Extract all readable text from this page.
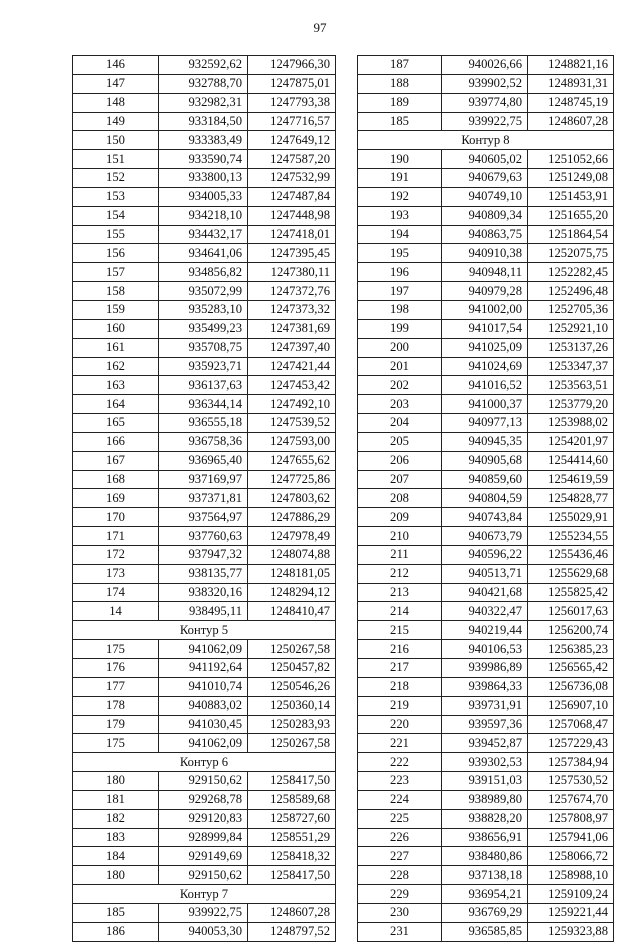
97
146	932592,62	1247966,30
147	932788,70	1247875,01
148	932982,31	1247793,38
149	933184,50	1247716,57
150	933383,49	1247649,12
151	933590,74	1247587,20
152	933800,13	1247532,99
153	934005,33	1247487,84
154	934218,10	1247448,98
155	934432,17	1247418,01
156	934641,06	1247395,45
157	934856,82	1247380,11
158	935072,99	1247372,76
159	935283,10	1247373,32
160	935499,23	1247381,69
161	935708,75	1247397,40
162	935923,71	1247421,44
163	936137,63	1247453,42
164	936344,14	1247492,10
165	936555,18	1247539,52
166	936758,36	1247593,00
167	936965,40	1247655,62
168	937169,97	1247725,86
169	937371,81	1247803,62
170	937564,97	1247886,29
171	937760,63	1247978,49
172	937947,32	1248074,88
173	938135,77	1248181,05
174	938320,16	1248294,12
14	938495,11	1248410,47
Контур 5		
175	941062,09	1250267,58
176	941192,64	1250457,82
177	941010,74	1250546,26
178	940883,02	1250360,14
179	941030,45	1250283,93
175	941062,09	1250267,58
Контур 6		
180	929150,62	1258417,50
181	929268,78	1258589,68
182	929120,83	1258727,60
183	928999,84	1258551,29
184	929149,69	1258418,32
180	929150,62	1258417,50
Контур 7		
185	939922,75	1248607,28
186	940053,30	1248797,52
187	940026,66	1248821,16
188	939902,52	1248931,31
189	939774,80	1248745,19
185	939922,75	1248607,28
Контур 8		
190	940605,02	1251052,66
191	940679,63	1251249,08
192	940749,10	1251453,91
193	940809,34	1251655,20
194	940863,75	1251864,54
195	940910,38	1252075,75
196	940948,11	1252282,45
197	940979,28	1252496,48
198	941002,00	1252705,36
199	941017,54	1252921,10
200	941025,09	1253137,26
201	941024,69	1253347,37
202	941016,52	1253563,51
203	941000,37	1253779,20
204	940977,13	1253988,02
205	940945,35	1254201,97
206	940905,68	1254414,60
207	940859,60	1254619,59
208	940804,59	1254828,77
209	940743,84	1255029,91
210	940673,79	1255234,55
211	940596,22	1255436,46
212	940513,71	1255629,68
213	940421,68	1255825,42
214	940322,47	1256017,63
215	940219,44	1256200,74
216	940106,53	1256385,23
217	939986,89	1256565,42
218	939864,33	1256736,08
219	939731,91	1256907,10
220	939597,36	1257068,47
221	939452,87	1257229,43
222	939302,53	1257384,94
223	939151,03	1257530,52
224	938989,80	1257674,70
225	938828,20	1257808,97
226	938656,91	1257941,06
227	938480,86	1258066,72
228	937138,18	1258988,10
229	936954,21	1259109,24
230	936769,29	1259221,44
231	936585,85	1259323,88
